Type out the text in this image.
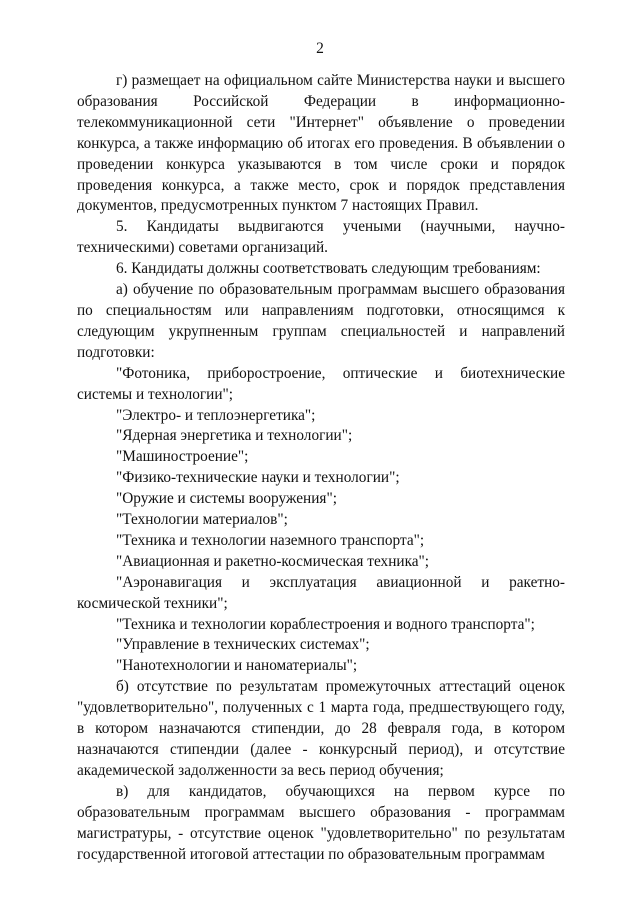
2

г) размещает на официальном сайте Министерства науки и высшего образования Российской Федерации в информационно-телекоммуникационной сети "Интернет" объявление о проведении конкурса, а также информацию об итогах его проведения. В объявлении о проведении конкурса указываются в том числе сроки и порядок проведения конкурса, а также место, срок и порядок представления документов, предусмотренных пунктом 7 настоящих Правил.

5. Кандидаты выдвигаются учеными (научными, научно-техническими) советами организаций.

6. Кандидаты должны соответствовать следующим требованиям:

а) обучение по образовательным программам высшего образования по специальностям или направлениям подготовки, относящимся к следующим укрупненным группам специальностей и направлений подготовки:

"Фотоника, приборостроение, оптические и биотехнические системы и технологии";

"Электро- и теплоэнергетика";

"Ядерная энергетика и технологии";

"Машиностроение";

"Физико-технические науки и технологии";

"Оружие и системы вооружения";

"Технологии материалов";

"Техника и технологии наземного транспорта";

"Авиационная и ракетно-космическая техника";

"Аэронавигация и эксплуатация авиационной и ракетно-космической техники";

"Техника и технологии кораблестроения и водного транспорта";

"Управление в технических системах";

"Нанотехнологии и наноматериалы";

б) отсутствие по результатам промежуточных аттестаций оценок "удовлетворительно", полученных с 1 марта года, предшествующего году, в котором назначаются стипендии, до 28 февраля года, в котором назначаются стипендии (далее - конкурсный период), и отсутствие академической задолженности за весь период обучения;

в) для кандидатов, обучающихся на первом курсе по образовательным программам высшего образования - программам магистратуры, - отсутствие оценок "удовлетворительно" по результатам государственной итоговой аттестации по образовательным программам
